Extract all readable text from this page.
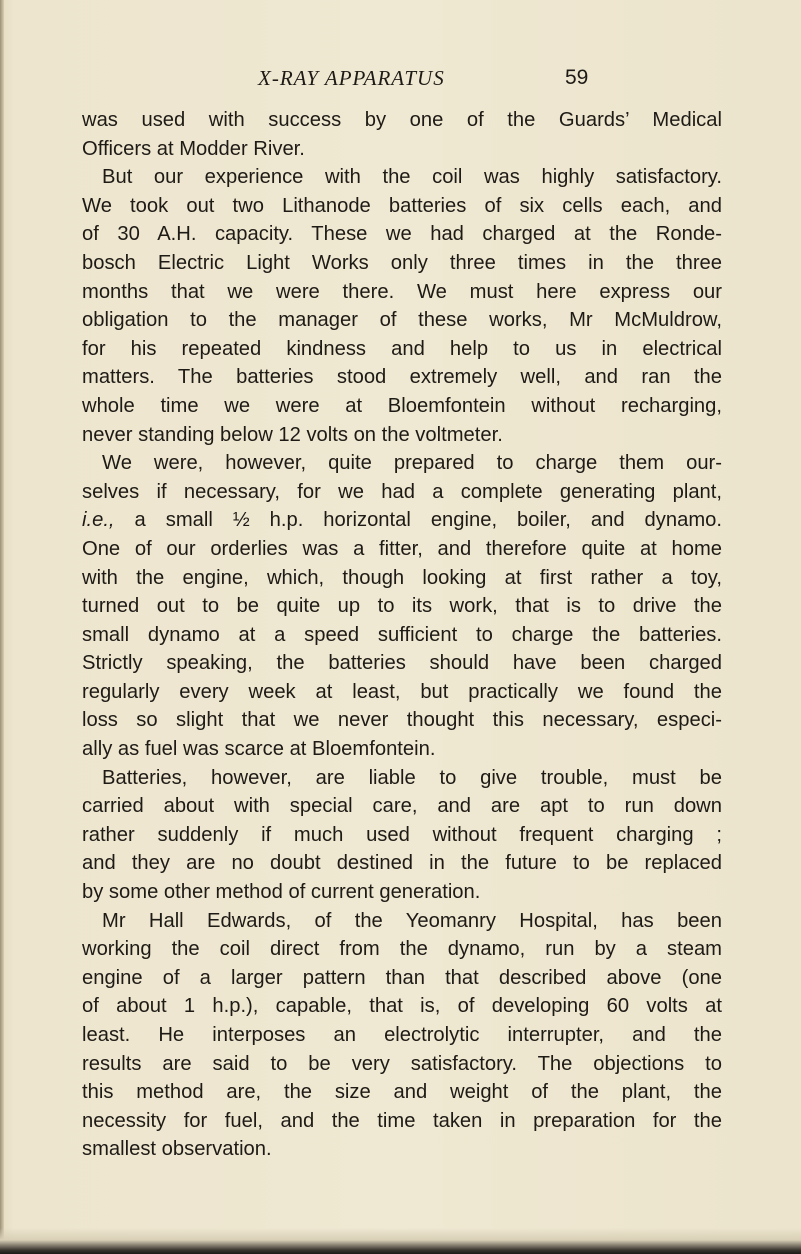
X-RAY APPARATUS	59
was used with success by one of the Guards’ Medical
Officers at Modder River.
But our experience with the coil was highly satisfactory.
We took out two Lithanode batteries of six cells each, and
of 30 A.H. capacity. These we had charged at the Ronde-
bosch Electric Light Works only three times in the three
months that we were there. We must here express our
obligation to the manager of these works, Mr McMuldrow,
for his repeated kindness and help to us in electrical
matters. The batteries stood extremely well, and ran the
whole time we were at Bloemfontein without recharging,
never standing below 12 volts on the voltmeter.
We were, however, quite prepared to charge them our-
selves if necessary, for we had a complete generating plant,
i.e., a small ½ h.p. horizontal engine, boiler, and dynamo.
One of our orderlies was a fitter, and therefore quite at home
with the engine, which, though looking at first rather a toy,
turned out to be quite up to its work, that is to drive the
small dynamo at a speed sufficient to charge the batteries.
Strictly speaking, the batteries should have been charged
regularly every week at least, but practically we found the
loss so slight that we never thought this necessary, especi-
ally as fuel was scarce at Bloemfontein.
Batteries, however, are liable to give trouble, must be
carried about with special care, and are apt to run down
rather suddenly if much used without frequent charging ;
and they are no doubt destined in the future to be replaced
by some other method of current generation.
Mr Hall Edwards, of the Yeomanry Hospital, has been
working the coil direct from the dynamo, run by a steam
engine of a larger pattern than that described above (one
of about 1 h.p.), capable, that is, of developing 60 volts at
least. He interposes an electrolytic interrupter, and the
results are said to be very satisfactory. The objections to
this method are, the size and weight of the plant, the
necessity for fuel, and the time taken in preparation for the
smallest observation.
